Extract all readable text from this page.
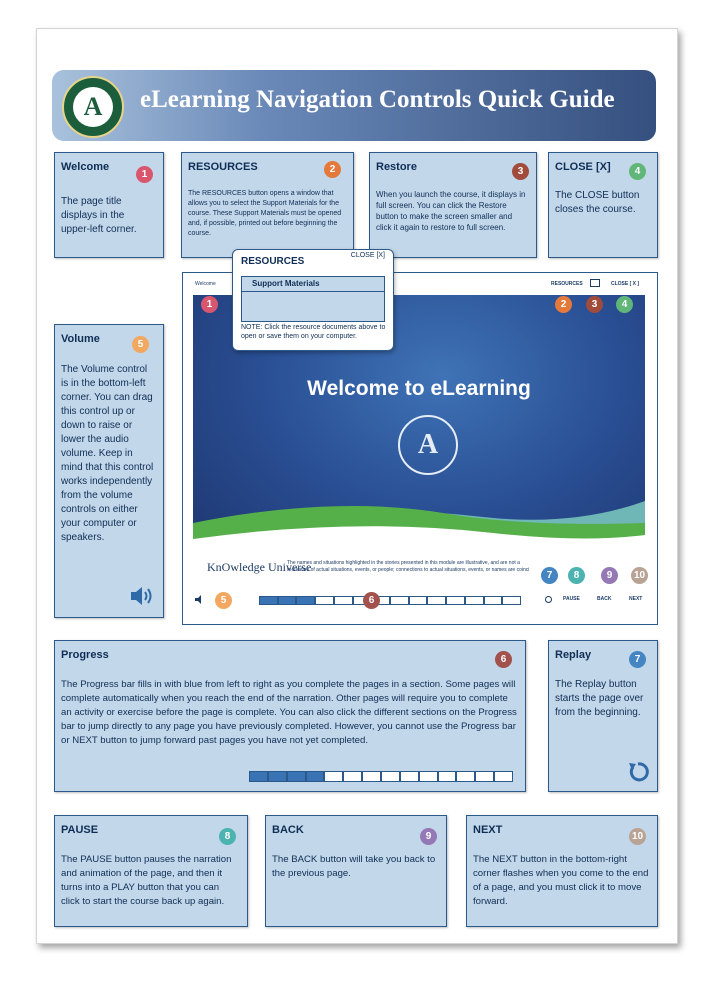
A	eLearning Navigation Controls Quick Guide
Welcome
1
The page title displays in the upper-left corner.
RESOURCES	2
The RESOURCES button opens a window that allows you to select the Support Materials for the course. These Support Materials must be opened and, if possible, printed out before beginning the course.
Restore	3
When you launch the course, it displays in full screen. You can click the Restore button to make the screen smaller and click it again to restore to full screen.
CLOSE [X]	4
The CLOSE button closes the course.
Volume	5
The Volume control is in the bottom-left corner. You can drag this control up or down to raise or lower the audio volume. Keep in mind that this control works independently from the volume controls on either your computer or speakers.
Welcome	RESOURCES	CLOSE [ X ]
Welcome to eLearning
A
1	2	3	4
KnOwledge Universe
The names and situations highlighted in the stories presented in this module are illustrative, and are not a
recreation of actual situations, events, or people; connections to actual situations, events, or names are coinci	7	8	9	10
5	6	PAUSE	BACK	NEXT
RESOURCES
CLOSE [X]
Support Materials
NOTE: Click the resource documents above to open or save them on your computer.
Progress	6
The Progress bar fills in with blue from left to right as you complete the pages in a section. Some pages will complete automatically when you reach the end of the narration. Other pages will require you to complete an activity or exercise before the page is complete. You can also click the different sections on the Progress bar to jump directly to any page you have previously completed. However, you cannot use the Progress bar or NEXT button to jump forward past pages you have not yet completed.
Replay	7
The Replay button starts the page over from the beginning.
PAUSE
8
The PAUSE button pauses the narration and animation of the page, and then it turns into a PLAY button that you can click to start the course back up again.
BACK
9
The BACK button will take you back to the previous page.
NEXT
10
The NEXT button in the bottom-right corner flashes when you come to the end of a page, and you must click it to move forward.
